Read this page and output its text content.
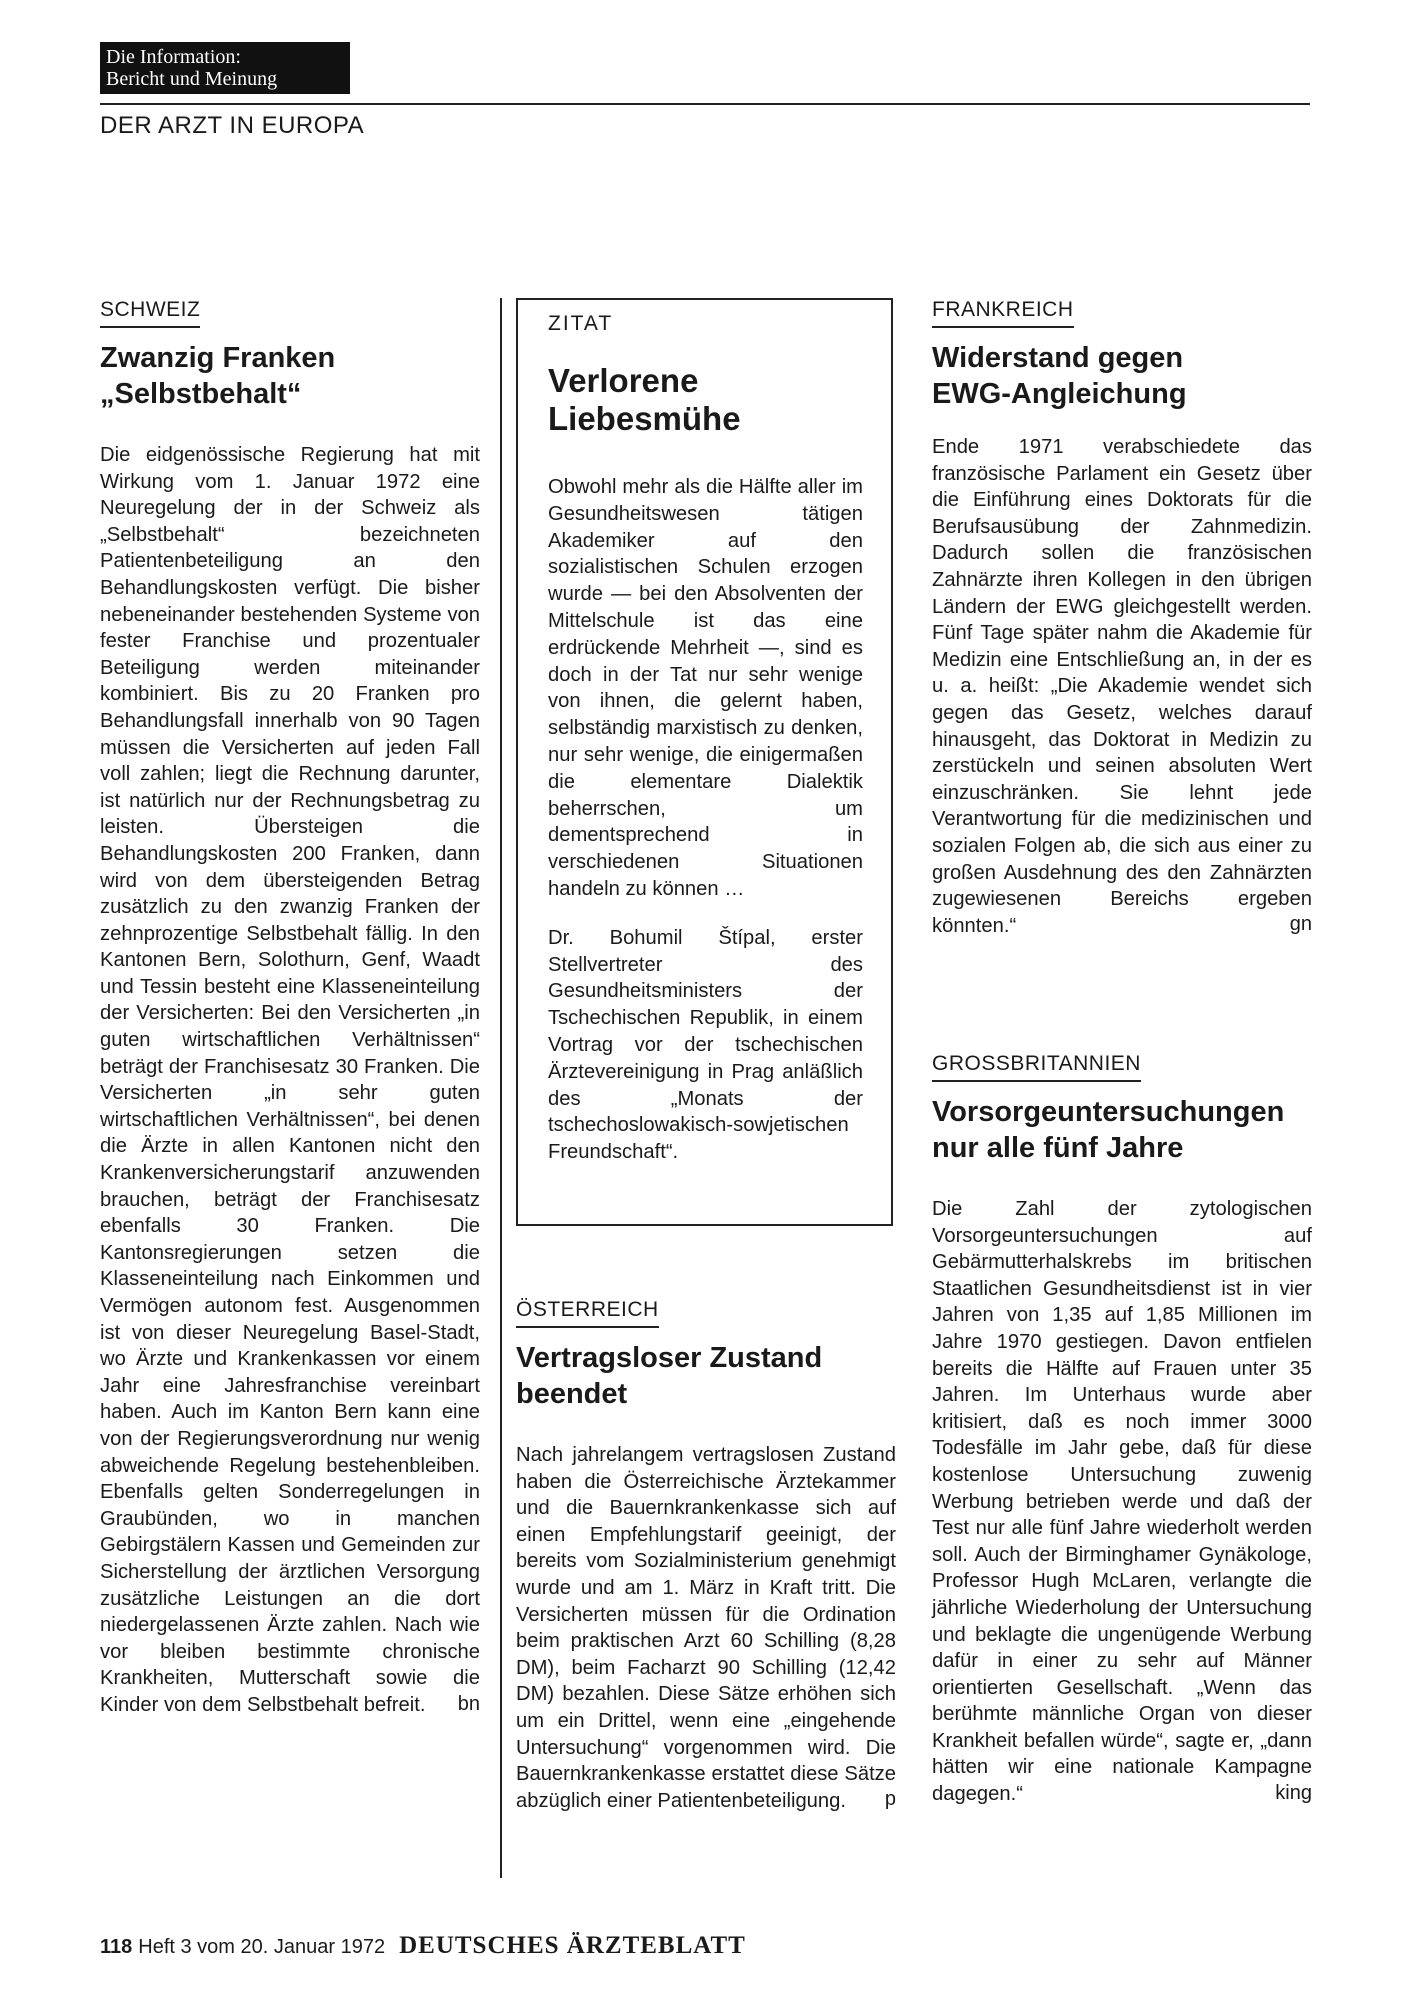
Die Information:
Bericht und Meinung
DER ARZT IN EUROPA
SCHWEIZ
Zwanzig Franken „Selbstbehalt“

Die eidgenössische Regierung hat mit Wirkung vom 1. Januar 1972 eine Neuregelung der in der Schweiz als „Selbstbehalt“ bezeichneten Patientenbeteiligung an den Behandlungskosten verfügt. Die bisher nebeneinander bestehenden Systeme von fester Franchise und prozentualer Beteiligung werden miteinander kombiniert. Bis zu 20 Franken pro Behandlungsfall innerhalb von 90 Tagen müssen die Versicherten auf jeden Fall voll zahlen; liegt die Rechnung darunter, ist natürlich nur der Rechnungsbetrag zu leisten. Übersteigen die Behandlungskosten 200 Franken, dann wird von dem übersteigenden Betrag zusätzlich zu den zwanzig Franken der zehnprozentige Selbstbehalt fällig. In den Kantonen Bern, Solothurn, Genf, Waadt und Tessin besteht eine Klasseneinteilung der Versicherten: Bei den Versicherten „in guten wirtschaftlichen Verhältnissen“ beträgt der Franchisesatz 30 Franken. Die Versicherten „in sehr guten wirtschaftlichen Verhältnissen“, bei denen die Ärzte in allen Kantonen nicht den Krankenversicherungstarif anzuwenden brauchen, beträgt der Franchisesatz ebenfalls 30 Franken. Die Kantonsregierungen setzen die Klasseneinteilung nach Einkommen und Vermögen autonom fest. Ausgenommen ist von dieser Neuregelung Basel-Stadt, wo Ärzte und Krankenkassen vor einem Jahr eine Jahresfranchise vereinbart haben. Auch im Kanton Bern kann eine von der Regierungsverordnung nur wenig abweichende Regelung bestehenbleiben. Ebenfalls gelten Sonderregelungen in Graubünden, wo in manchen Gebirgstälern Kassen und Gemeinden zur Sicherstellung der ärztlichen Versorgung zusätzliche Leistungen an die dort niedergelassenen Ärzte zahlen. Nach wie vor bleiben bestimmte chronische Krankheiten, Mutterschaft sowie die Kinder von dem Selbstbehalt befreit.	bn
ZITAT
Verlorene Liebesmühe

Obwohl mehr als die Hälfte aller im Gesundheitswesen tätigen Akademiker auf den sozialistischen Schulen erzogen wurde — bei den Absolventen der Mittelschule ist das eine erdrückende Mehrheit —, sind es doch in der Tat nur sehr wenige von ihnen, die gelernt haben, selbständig marxistisch zu denken, nur sehr wenige, die einigermaßen die elementare Dialektik beherrschen, um dementsprechend in verschiedenen Situationen handeln zu können …

Dr. Bohumil Štípal, erster Stellvertreter des Gesundheitsministers der Tschechischen Republik, in einem Vortrag vor der tschechischen Ärztevereinigung in Prag anläßlich des „Monats der tschechoslowakisch-sowjetischen Freundschaft“.

ÖSTERREICH
Vertragsloser Zustand beendet

Nach jahrelangem vertragslosen Zustand haben die Österreichische Ärztekammer und die Bauernkrankenkasse sich auf einen Empfehlungstarif geeinigt, der bereits vom Sozialministerium genehmigt wurde und am 1. März in Kraft tritt. Die Versicherten müssen für die Ordination beim praktischen Arzt 60 Schilling (8,28 DM), beim Facharzt 90 Schilling (12,42 DM) bezahlen. Diese Sätze erhöhen sich um ein Drittel, wenn eine „eingehende Untersuchung“ vorgenommen wird. Die Bauernkrankenkasse erstattet diese Sätze abzüglich einer Patientenbeteiligung.	p
FRANKREICH
Widerstand gegen EWG-Angleichung

Ende 1971 verabschiedete das französische Parlament ein Gesetz über die Einführung eines Doktorats für die Berufsausübung der Zahnmedizin. Dadurch sollen die französischen Zahnärzte ihren Kollegen in den übrigen Ländern der EWG gleichgestellt werden. Fünf Tage später nahm die Akademie für Medizin eine Entschließung an, in der es u. a. heißt: „Die Akademie wendet sich gegen das Gesetz, welches darauf hinausgeht, das Doktorat in Medizin zu zerstückeln und seinen absoluten Wert einzuschränken. Sie lehnt jede Verantwortung für die medizinischen und sozialen Folgen ab, die sich aus einer zu großen Ausdehnung des den Zahnärzten zugewiesenen Bereichs ergeben könnten.“	gn
GROSSBRITANNIEN
Vorsorgeuntersuchungen nur alle fünf Jahre

Die Zahl der zytologischen Vorsorgeuntersuchungen auf Gebärmutterhalskrebs im britischen Staatlichen Gesundheitsdienst ist in vier Jahren von 1,35 auf 1,85 Millionen im Jahre 1970 gestiegen. Davon entfielen bereits die Hälfte auf Frauen unter 35 Jahren. Im Unterhaus wurde aber kritisiert, daß es noch immer 3000 Todesfälle im Jahr gebe, daß für diese kostenlose Untersuchung zuwenig Werbung betrieben werde und daß der Test nur alle fünf Jahre wiederholt werden soll. Auch der Birminghamer Gynäkologe, Professor Hugh McLaren, verlangte die jährliche Wiederholung der Untersuchung und beklagte die ungenügende Werbung dafür in einer zu sehr auf Männer orientierten Gesellschaft. „Wenn das berühmte männliche Organ von dieser Krankheit befallen würde“, sagte er, „dann hätten wir eine nationale Kampagne dagegen.“	king
118 Heft 3 vom 20. Januar 1972 DEUTSCHES ÄRZTEBLATT
